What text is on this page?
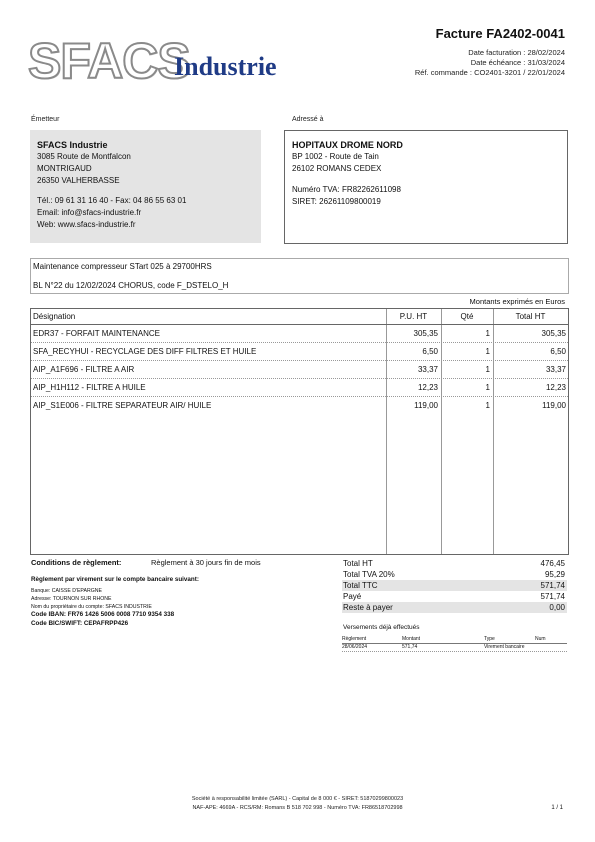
SFACS
Industrie
Facture FA2402-0041
Date facturation : 28/02/2024
Date échéance : 31/03/2024
Réf. commande : CO2401-3201 / 22/01/2024
Émetteur
SFACS Industrie
3085 Route de Montfalcon
MONTRIGAUD
26350 VALHERBASSE
Tél.: 09 61 31 16 40 - Fax: 04 86 55 63 01
Email: info@sfacs-industrie.fr
Web: www.sfacs-industrie.fr
Adressé à
HOPITAUX DROME NORD
BP 1002 - Route de Tain
26102 ROMANS CEDEX
Numéro TVA: FR82262611098
SIRET: 26261109800019
Maintenance compresseur STart 025 à 29700HRS
BL N°22 du 12/02/2024 CHORUS, code F_DSTELO_H
Montants exprimés en Euros
Désignation	P.U. HT	Qté	Total HT
EDR37 - FORFAIT MAINTENANCE	305,35	1	305,35
SFA_RECYHUI - RECYCLAGE DES DIFF FILTRES ET HUILE	6,50	1	6,50
AIP_A1F696 - FILTRE A AIR	33,37	1	33,37
AIP_H1H112 - FILTRE A HUILE	12,23	1	12,23
AIP_S1E006 - FILTRE SEPARATEUR AIR/ HUILE	119,00	1	119,00
Conditions de règlement:	Règlement à 30 jours fin de mois
Règlement par virement sur le compte bancaire suivant:
Banque: CAISSE D'EPARGNE
Adresse: TOURNON SUR RHONE
Nom du propriétaire du compte: SFACS INDUSTRIE
Code IBAN: FR76 1426 5006 0008 7710 9354 338
Code BIC/SWIFT: CEPAFRPP426
Total HT	476,45
Total TVA 20%	95,29
Total TTC	571,74
Payé	571,74
Reste à payer	0,00
Versements déjà effectués
Règlement	Montant	Type	Num
28/06/2024	571,74	Virement bancaire
Société à responsabilité limitée (SARL) - Capital de 8 000 € - SIRET: 51870299800023
NAF-APE: 4669A - RCS/RM: Romans B 518 702 998 - Numéro TVA: FR86518702998	1 / 1
